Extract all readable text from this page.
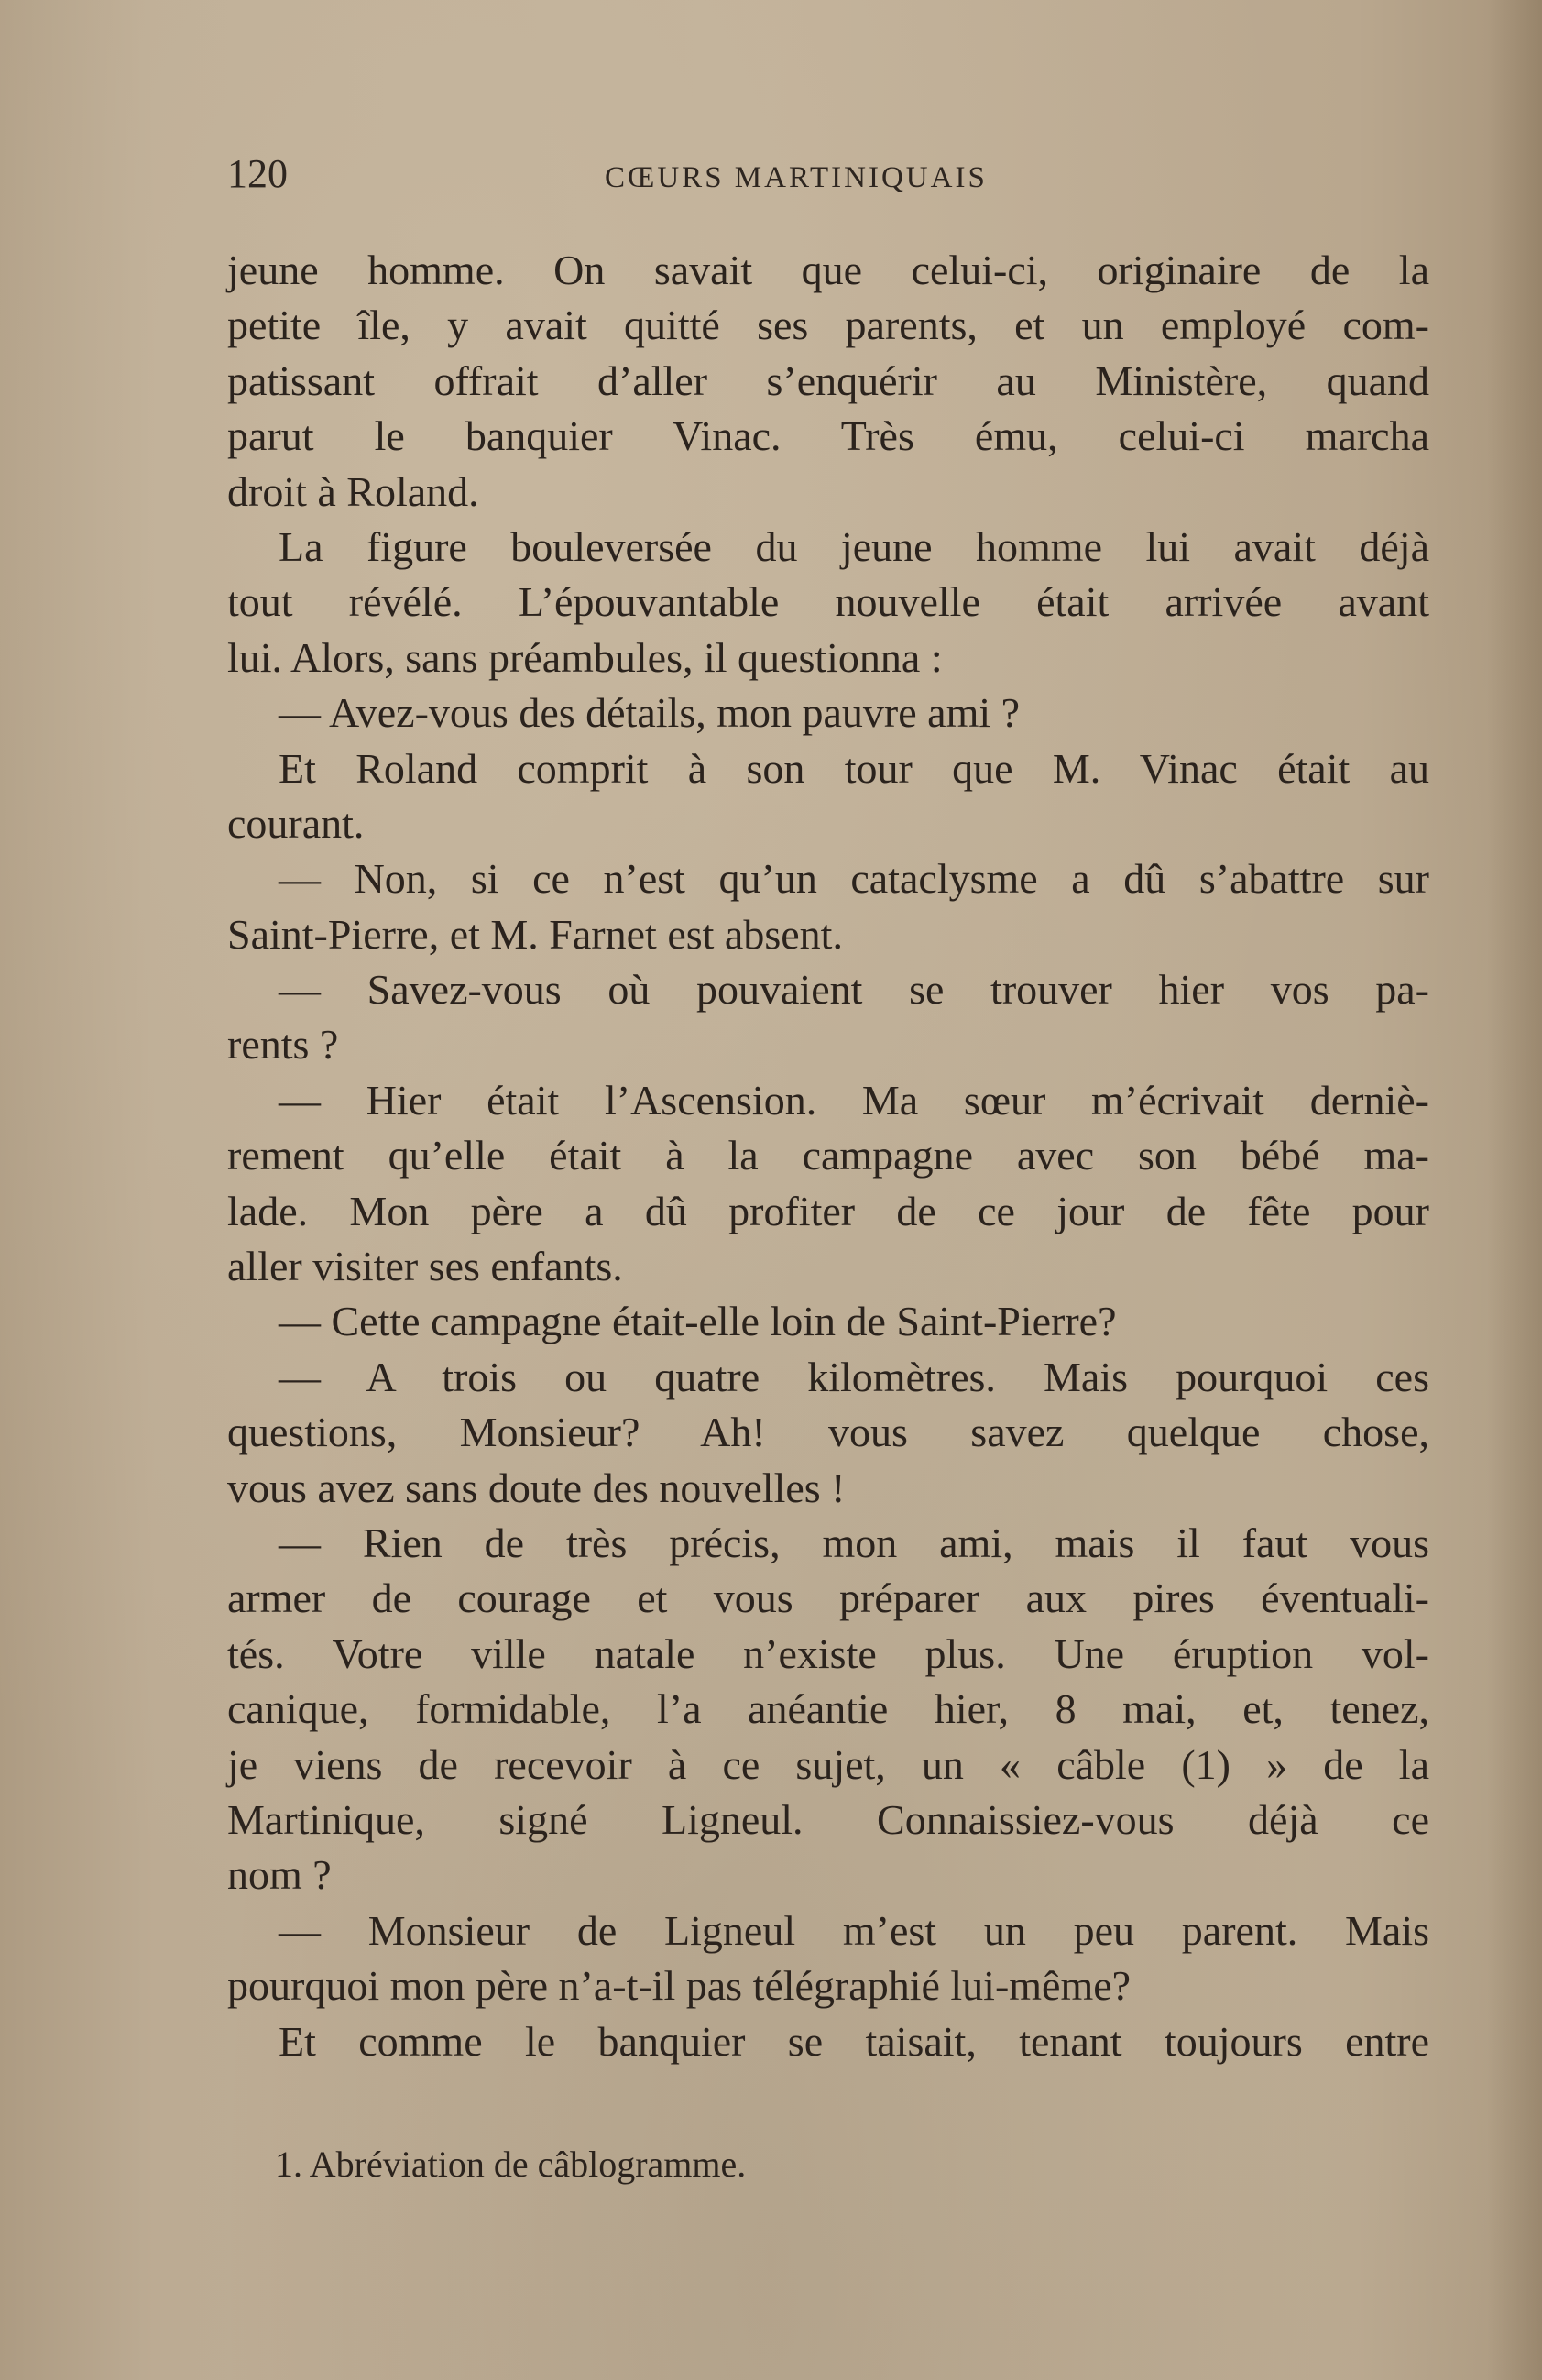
120	CŒURS MARTINIQUAIS
jeune homme. On savait que celui-ci, originaire de la
petite île, y avait quitté ses parents, et un employé com-
patissant offrait d’aller s’enquérir au Ministère, quand
parut le banquier Vinac. Très ému, celui-ci marcha
droit à Roland.
La figure bouleversée du jeune homme lui avait déjà
tout révélé. L’épouvantable nouvelle était arrivée avant
lui. Alors, sans préambules, il questionna :
— Avez-vous des détails, mon pauvre ami ?
Et Roland comprit à son tour que M. Vinac était au
courant.
— Non, si ce n’est qu’un cataclysme a dû s’abattre sur
Saint-Pierre, et M. Farnet est absent.
— Savez-vous où pouvaient se trouver hier vos pa-
rents ?
— Hier était l’Ascension. Ma sœur m’écrivait derniè-
rement qu’elle était à la campagne avec son bébé ma-
lade. Mon père a dû profiter de ce jour de fête pour
aller visiter ses enfants.
— Cette campagne était-elle loin de Saint-Pierre?
— A trois ou quatre kilomètres. Mais pourquoi ces
questions, Monsieur? Ah! vous savez quelque chose,
vous avez sans doute des nouvelles !
— Rien de très précis, mon ami, mais il faut vous
armer de courage et vous préparer aux pires éventuali-
tés. Votre ville natale n’existe plus. Une éruption vol-
canique, formidable, l’a anéantie hier, 8 mai, et, tenez,
je viens de recevoir à ce sujet, un « câble (1) » de la
Martinique, signé Ligneul. Connaissiez-vous déjà ce
nom ?
— Monsieur de Ligneul m’est un peu parent. Mais
pourquoi mon père n’a-t-il pas télégraphié lui-même?
Et comme le banquier se taisait, tenant toujours entre
1. Abréviation de câblogramme.
